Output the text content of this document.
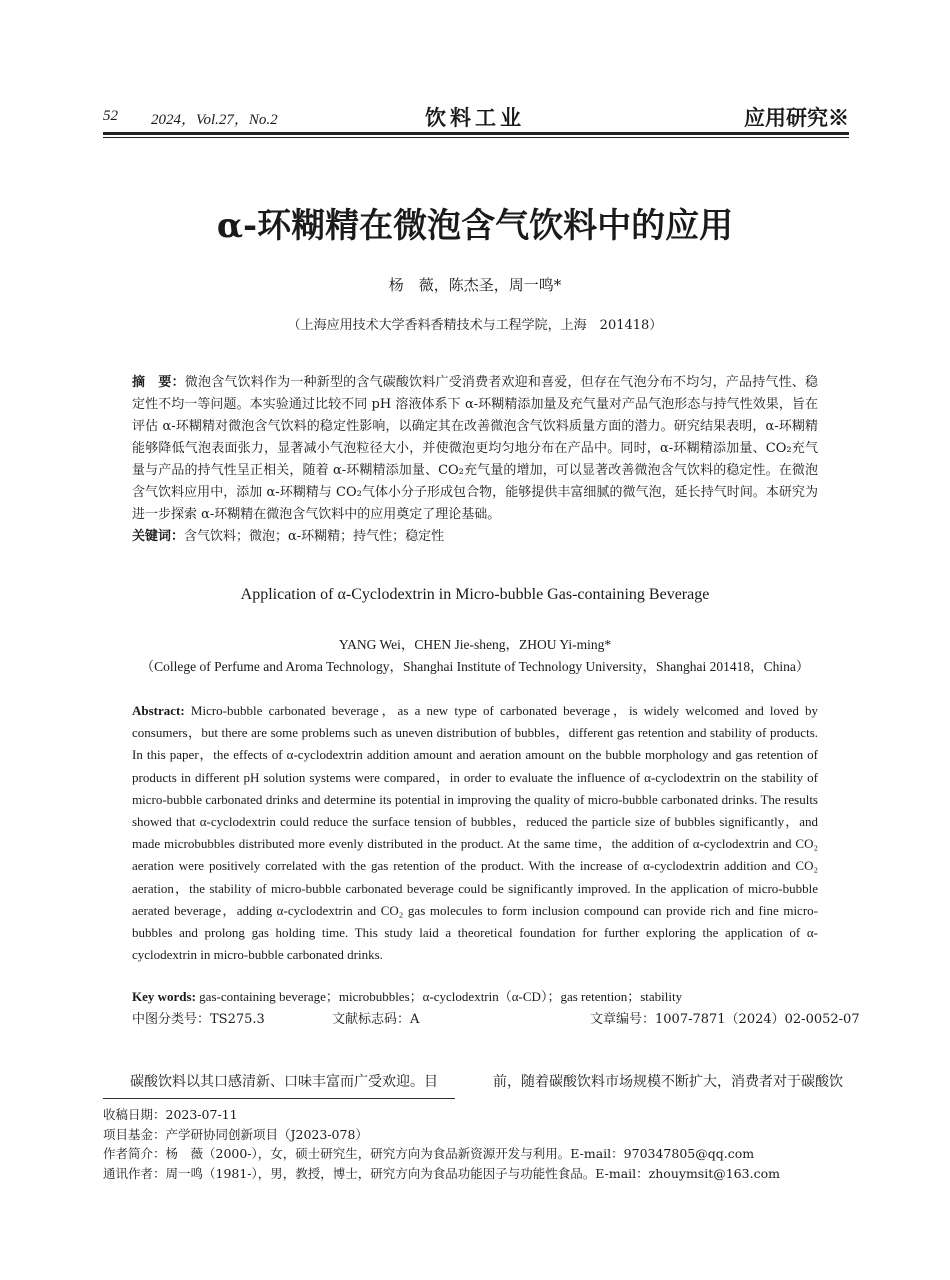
52 2024，Vol.27，No.2	饮料工业	应用研究※
α-环糊精在微泡含气饮料中的应用
杨　薇，陈杰圣，周一鸣*
（上海应用技术大学香料香精技术与工程学院，上海　201418）
摘　要：微泡含气饮料作为一种新型的含气碳酸饮料广受消费者欢迎和喜爱，但存在气泡分布不均匀，产品持气性、稳定性不均一等问题。本实验通过比较不同 pH 溶液体系下 α-环糊精添加量及充气量对产品气泡形态与持气性效果，旨在评估 α-环糊精对微泡含气饮料的稳定性影响，以确定其在改善微泡含气饮料质量方面的潜力。研究结果表明，α-环糊精能够降低气泡表面张力，显著减小气泡粒径大小，并使微泡更均匀地分布在产品中。同时，α-环糊精添加量、CO₂充气量与产品的持气性呈正相关，随着 α-环糊精添加量、CO₂充气量的增加，可以显著改善微泡含气饮料的稳定性。在微泡含气饮料应用中，添加 α-环糊精与 CO₂气体小分子形成包合物，能够提供丰富细腻的微气泡，延长持气时间。本研究为进一步探索 α-环糊精在微泡含气饮料中的应用奠定了理论基础。
关键词：含气饮料；微泡；α-环糊精；持气性；稳定性
Application of α-Cyclodextrin in Micro-bubble Gas-containing Beverage
YANG Wei，CHEN Jie-sheng，ZHOU Yi-ming*
（College of Perfume and Aroma Technology，Shanghai Institute of Technology University，Shanghai 201418，China）
Abstract: Micro-bubble carbonated beverage，as a new type of carbonated beverage，is widely welcomed and loved by consumers，but there are some problems such as uneven distribution of bubbles，different gas retention and stability of products. In this paper，the effects of α-cyclodextrin addition amount and aeration amount on the bubble morphology and gas retention of products in different pH solution systems were compared，in order to evaluate the influence of α-cyclodextrin on the stability of micro-bubble carbonated drinks and determine its potential in improving the quality of micro-bubble carbonated drinks. The results showed that α-cyclodextrin could reduce the surface tension of bubbles，reduced the particle size of bubbles significantly，and made microbubbles distributed more evenly distributed in the product. At the same time，the addition of α-cyclodextrin and CO₂ aeration were positively correlated with the gas retention of the product. With the increase of α-cyclodextrin addition and CO₂ aeration，the stability of micro-bubble carbonated beverage could be significantly improved. In the application of micro-bubble aerated beverage，adding α-cyclodextrin and CO₂ gas molecules to form inclusion compound can provide rich and fine micro-bubbles and prolong gas holding time. This study laid a theoretical foundation for further exploring the application of α-cyclodextrin in micro-bubble carbonated drinks.
Key words: gas-containing beverage；microbubbles；α-cyclodextrin（α-CD）；gas retention；stability
中图分类号：TS275.3	文献标志码：A	文章编号：1007-7871（2024）02-0052-07
碳酸饮料以其口感清新、口味丰富而广受欢迎。目	前，随着碳酸饮料市场规模不断扩大，消费者对于碳酸饮
收稿日期：2023-07-11
项目基金：产学研协同创新项目（J2023-078）
作者简介：杨　薇（2000-），女，硕士研究生，研究方向为食品新资源开发与利用。E-mail：970347805@qq.com
通讯作者：周一鸣（1981-），男，教授，博士，研究方向为食品功能因子与功能性食品。E-mail：zhouymsit@163.com
